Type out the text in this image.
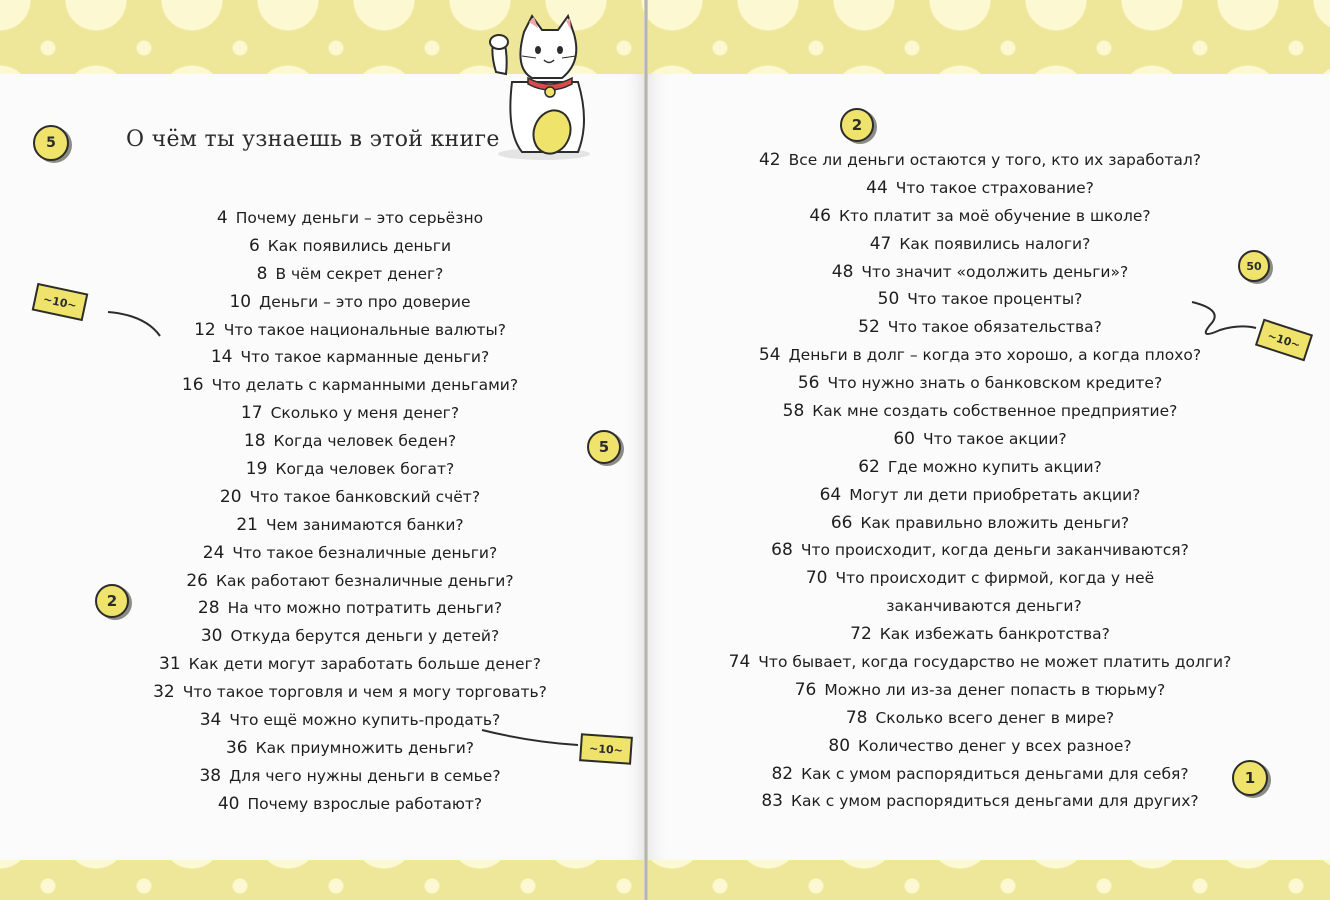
О чём ты узнаешь в этой книге
4 Почему деньги – это серьёзно
6 Как появились деньги
8 В чём секрет денег?
10 Деньги – это про доверие
12 Что такое национальные валюты?
14 Что такое карманные деньги?
16 Что делать с карманными деньгами?
17 Сколько у меня денег?
18 Когда человек беден?
19 Когда человек богат?
20 Что такое банковский счёт?
21 Чем занимаются банки?
24 Что такое безналичные деньги?
26 Как работают безналичные деньги?
28 На что можно потратить деньги?
30 Откуда берутся деньги у детей?
31 Как дети могут заработать больше денег?
32 Что такое торговля и чем я могу торговать?
34 Что ещё можно купить-продать?
36 Как приумножить деньги?
38 Для чего нужны деньги в семье?
40 Почему взрослые работают?
42 Все ли деньги остаются у того, кто их заработал?
44 Что такое страхование?
46 Кто платит за моё обучение в школе?
47 Как появились налоги?
48 Что значит «одолжить деньги»?
50 Что такое проценты?
52 Что такое обязательства?
54 Деньги в долг – когда это хорошо, а когда плохо?
56 Что нужно знать о банковском кредите?
58 Как мне создать собственное предприятие?
60 Что такое акции?
62 Где можно купить акции?
64 Могут ли дети приобретать акции?
66 Как правильно вложить деньги?
68 Что происходит, когда деньги заканчиваются?
70 Что происходит с фирмой, когда у неё
заканчиваются деньги?
72 Как избежать банкротства?
74 Что бывает, когда государство не может платить долги?
76 Можно ли из-за денег попасть в тюрьму?
78 Сколько всего денег в мире?
80 Количество денег у всех разное?
82 Как с умом распорядиться деньгами для себя?
83 Как с умом распорядиться деньгами для других?
5
2
5
2
50
1
~10~
~10~
~10~
